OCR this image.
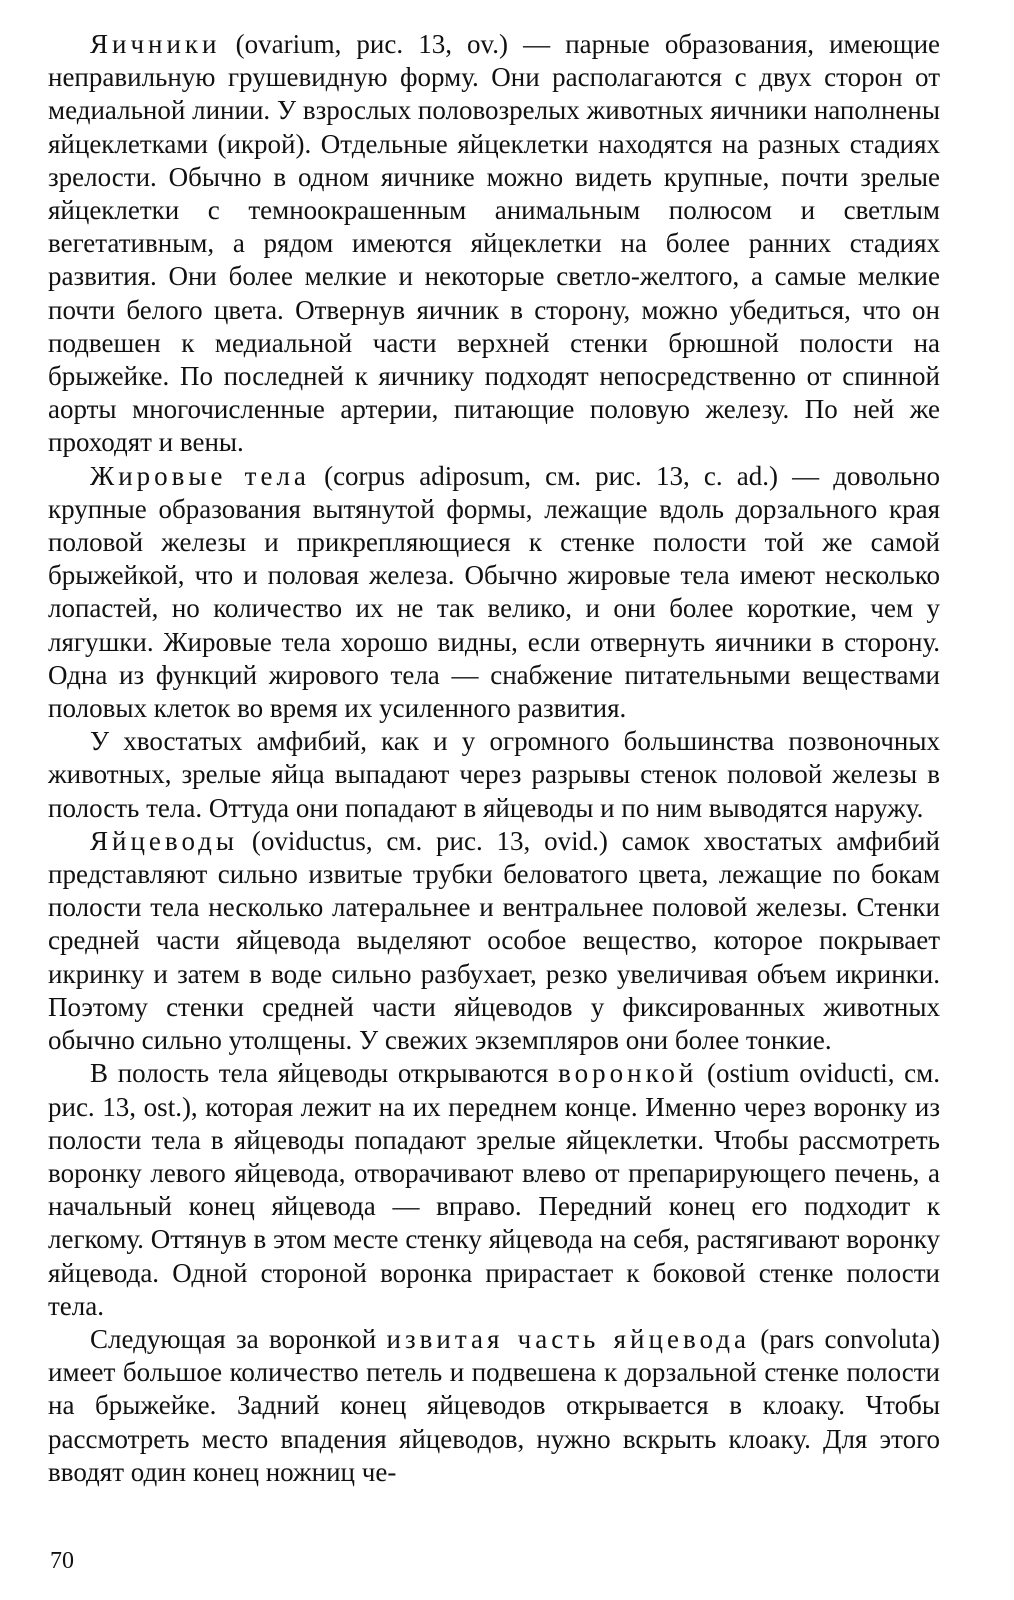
Яичники (ovarium, рис. 13, ov.) — парные образования, имеющие неправильную грушевидную форму. Они располагаются с двух сторон от медиальной линии. У взрослых половозрелых животных яичники наполнены яйцеклетками (икрой). Отдельные яйцеклетки находятся на разных стадиях зрелости. Обычно в одном яичнике можно видеть крупные, почти зрелые яйцеклетки с темноокрашенным анимальным полюсом и светлым вегетативным, а рядом имеются яйцеклетки на более ранних стадиях развития. Они более мелкие и некоторые светло-желтого, а самые мелкие почти белого цвета. Отвернув яичник в сторону, можно убедиться, что он подвешен к медиальной части верхней стенки брюшной полости на брыжейке. По последней к яичнику подходят непосредственно от спинной аорты многочисленные артерии, питающие половую железу. По ней же проходят и вены.

Жировые тела (corpus adiposum, см. рис. 13, c. ad.) — довольно крупные образования вытянутой формы, лежащие вдоль дорзального края половой железы и прикрепляющиеся к стенке полости той же самой брыжейкой, что и половая железа. Обычно жировые тела имеют несколько лопастей, но количество их не так велико, и они более короткие, чем у лягушки. Жировые тела хорошо видны, если отвернуть яичники в сторону. Одна из функций жирового тела — снабжение питательными веществами половых клеток во время их усиленного развития.

У хвостатых амфибий, как и у огромного большинства позвоночных животных, зрелые яйца выпадают через разрывы стенок половой железы в полость тела. Оттуда они попадают в яйцеводы и по ним выводятся наружу.

Яйцеводы (oviductus, см. рис. 13, ovid.) самок хвостатых амфибий представляют сильно извитые трубки беловатого цвета, лежащие по бокам полости тела несколько латеральнее и вентральнее половой железы. Стенки средней части яйцевода выделяют особое вещество, которое покрывает икринку и затем в воде сильно разбухает, резко увеличивая объем икринки. Поэтому стенки средней части яйцеводов у фиксированных животных обычно сильно утолщены. У свежих экземпляров они более тонкие.

В полость тела яйцеводы открываются воронкой (ostium oviducti, см. рис. 13, ost.), которая лежит на их переднем конце. Именно через воронку из полости тела в яйцеводы попадают зрелые яйцеклетки. Чтобы рассмотреть воронку левого яйцевода, отворачивают влево от препарирующего печень, а начальный конец яйцевода — вправо. Передний конец его подходит к легкому. Оттянув в этом месте стенку яйцевода на себя, растягивают воронку яйцевода. Одной стороной воронка прирастает к боковой стенке полости тела.

Следующая за воронкой извитая часть яйцевода (pars convoluta) имеет большое количество петель и подвешена к дорзальной стенке полости на брыжейке. Задний конец яйцеводов открывается в клоаку. Чтобы рассмотреть место впадения яйцеводов, нужно вскрыть клоаку. Для этого вводят один конец ножниц че-

70
